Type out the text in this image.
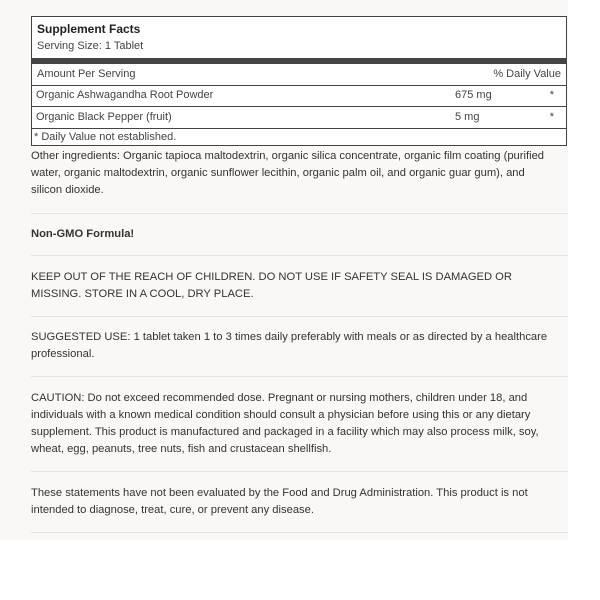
Supplement Facts
Serving Size: 1 Tablet
Amount Per Serving	% Daily Value
Organic Ashwagandha Root Powder	675 mg	*
Organic Black Pepper (fruit)	5 mg	*
* Daily Value not established.

Other ingredients: Organic tapioca maltodextrin, organic silica concentrate, organic film coating (purified water, organic maltodextrin, organic sunflower lecithin, organic palm oil, and organic guar gum), and silicon dioxide.

Non-GMO Formula!

KEEP OUT OF THE REACH OF CHILDREN. DO NOT USE IF SAFETY SEAL IS DAMAGED OR MISSING. STORE IN A COOL, DRY PLACE.

SUGGESTED USE: 1 tablet taken 1 to 3 times daily preferably with meals or as directed by a healthcare professional.

CAUTION: Do not exceed recommended dose. Pregnant or nursing mothers, children under 18, and individuals with a known medical condition should consult a physician before using this or any dietary supplement. This product is manufactured and packaged in a facility which may also process milk, soy, wheat, egg, peanuts, tree nuts, fish and crustacean shellfish.

These statements have not been evaluated by the Food and Drug Administration. This product is not intended to diagnose, treat, cure, or prevent any disease.
